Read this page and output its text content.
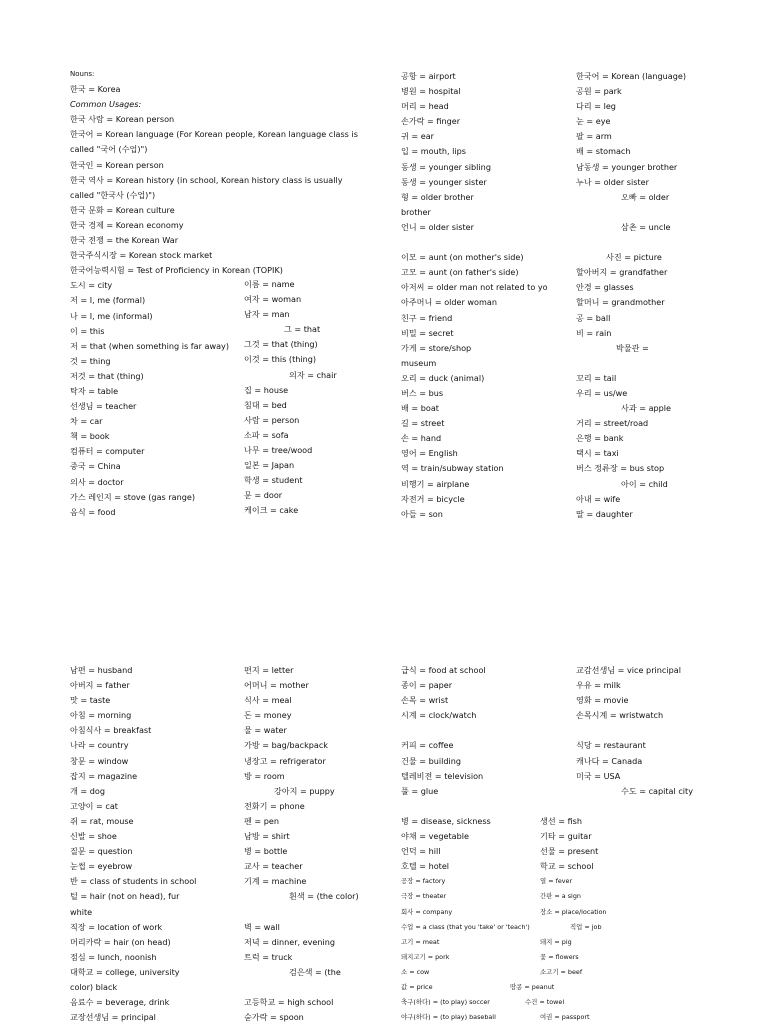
Nouns:
한국 = Korea
Common Usages:
한국 사람 = Korean person
한국어 = Korean language (For Korean people, Korean language class is
called "국어 (수업)")
한국인 = Korean person
한국 역사 = Korean history (in school, Korean history class is usually
called "한국사 (수업)")
한국 문화 = Korean culture
한국 경제 = Korean economy
한국 전쟁 = the Korean War
한국주식시장 = Korean stock market
한국어능력시험 = Test of Proficiency in Korean (TOPIK)
도시 = city
저 = I, me (formal)
나 = I, me (informal)
이 = this
저 = that (when something is far away)
것 = thing
저것 = that (thing)
탁자 = table
선생님 = teacher
차 = car
책 = book
컴퓨터 = computer
중국 = China
의사 = doctor
가스 레인지 = stove (gas range)
음식 = food
이름 = name
여자 = woman
남자 = man
그 = that
그것 = that (thing)
이것 = this (thing)
의자 = chair
집 = house
침대 = bed
사람 = person
소파 = sofa
나무 = tree/wood
일본 = Japan
학생 = student
문 = door
케이크 = cake
공항 = airport
병원 = hospital
머리 = head
손가락 = finger
귀 = ear
입 = mouth, lips
동생 = younger sibling
동생 = younger sister
형 = older brother
brother
언니 = older sister
이모 = aunt (on mother's side)
고모 = aunt (on father's side)
아저씨 = older man not related to yo
아주머니 = older woman
친구 = friend
비밀 = secret
가게 = store/shop
museum
오리 = duck (animal)
버스 = bus
배 = boat
길 = street
손 = hand
영어 = English
역 = train/subway station
비행기 = airplane
자전거 = bicycle
아들 = son
한국어 = Korean (language)
공원 = park
다리 = leg
눈 = eye
팔 = arm
배 = stomach
남동생 = younger brother
누나 = older sister
오빠 = older
삼촌 = uncle
사진 = picture
할아버지 = grandfather
안경 = glasses
할머니 = grandmother
공 = ball
비 = rain
박물관 =
꼬리 = tail
우리 = us/we
사과 = apple
거리 = street/road
은행 = bank
택시 = taxi
버스 정류장 = bus stop
아이 = child
아내 = wife
딸 = daughter
남편 = husband
아버지 = father
맛 = taste
아침 = morning
아침식사 = breakfast
나라 = country
창문 = window
잡지 = magazine
개 = dog
고양이 = cat
쥐 = rat, mouse
신발 = shoe
질문 = question
눈썹 = eyebrow
반 = class of students in school
털 = hair (not on head), fur
white
직장 = location of work
머리카락 = hair (on head)
점심 = lunch, noonish
대학교 = college, university
color) black
음료수 = beverage, drink
교장선생님 = principal
편지 = letter
어머니 = mother
식사 = meal
돈 = money
물 = water
가방 = bag/backpack
냉장고 = refrigerator
방 = room
강아지 = puppy
전화기 = phone
펜 = pen
남방 = shirt
병 = bottle
교사 = teacher
기계 = machine
흰색 = (the color)
벽 = wall
저녁 = dinner, evening
트럭 = truck
검은색 = (the
고등학교 = high school
숟가락 = spoon
급식 = food at school
종이 = paper
손목 = wrist
시계 = clock/watch
커피 = coffee
건물 = building
텔레비전 = television
풀 = glue
병 = disease, sickness
야채 = vegetable
언덕 = hill
호텔 = hotel
공장 = factory
극장 = theater
회사 = company
수업 = a class (that you 'take' or 'teach')
고기 = meat
돼지고기 = pork
소 = cow
값 = price
축구(하다) = (to play) soccer
야구(하다) = (to play) baseball
생선 = fish
기타 = guitar
선물 = present
학교 = school
열 = fever
간판 = a sign
장소 = place/location
직업 = job
돼지 = pig
꽃 = flowers
소고기 = beef
땅콩 = peanut
수건 = towel
여권 = passport
교감선생님 = vice principal
우유 = milk
영화 = movie
손목시계 = wristwatch
식당 = restaurant
캐나다 = Canada
미국 = USA
수도 = capital city
